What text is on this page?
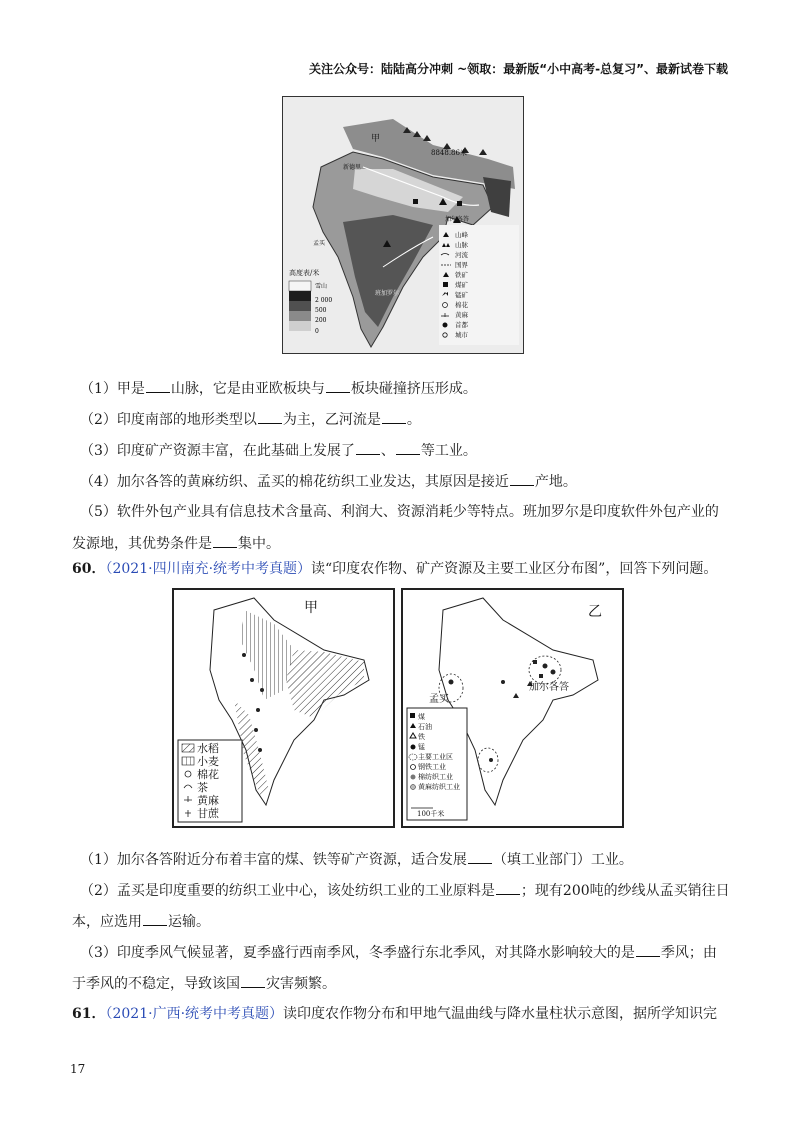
关注公众号：陆陆高分冲刺 ~领取：最新版“小中高考-总复习”、最新试卷下载
甲
8848.86米
新德里
加尔各答
孟买
班加罗尔
高度表/米
雪山
2 000
500
200
0
山峰
山脉
河流
国界
铁矿
煤矿
锰矿
棉花
黄麻
首都
城市
（1）甲是 山脉，它是由亚欧板块与 板块碰撞挤压形成。
（2）印度南部的地形类型以 为主，乙河流是 。
（3）印度矿产资源丰富，在此基础上发展了 、 等工业。
（4）加尔各答的黄麻纺织、孟买的棉花纺织工业发达，其原因是接近 产地。
（5）软件外包产业具有信息技术含量高、利润大、资源消耗少等特点。班加罗尔是印度软件外包产业的
发源地，其优势条件是 集中。
60．（2021·四川南充·统考中考真题）读“印度农作物、矿产资源及主要工业区分布图”，回答下列问题。
甲
水稻
小麦
棉花
茶
黄麻
甘蔗
乙
孟买
加尔各答
煤
石油
铁
锰
主要工业区
钢铁工业
棉纺织工业
黄麻纺织工业
100千米
（1）加尔各答附近分布着丰富的煤、铁等矿产资源，适合发展 （填工业部门）工业。
（2）孟买是印度重要的纺织工业中心，该处纺织工业的工业原料是 ；现有200吨的纱线从孟买销往日
本，应选用 运输。
（3）印度季风气候显著，夏季盛行西南季风，冬季盛行东北季风，对其降水影响较大的是 季风；由
于季风的不稳定，导致该国 灾害频繁。
61．（2021·广西·统考中考真题）读印度农作物分布和甲地气温曲线与降水量柱状示意图，据所学知识完
17
